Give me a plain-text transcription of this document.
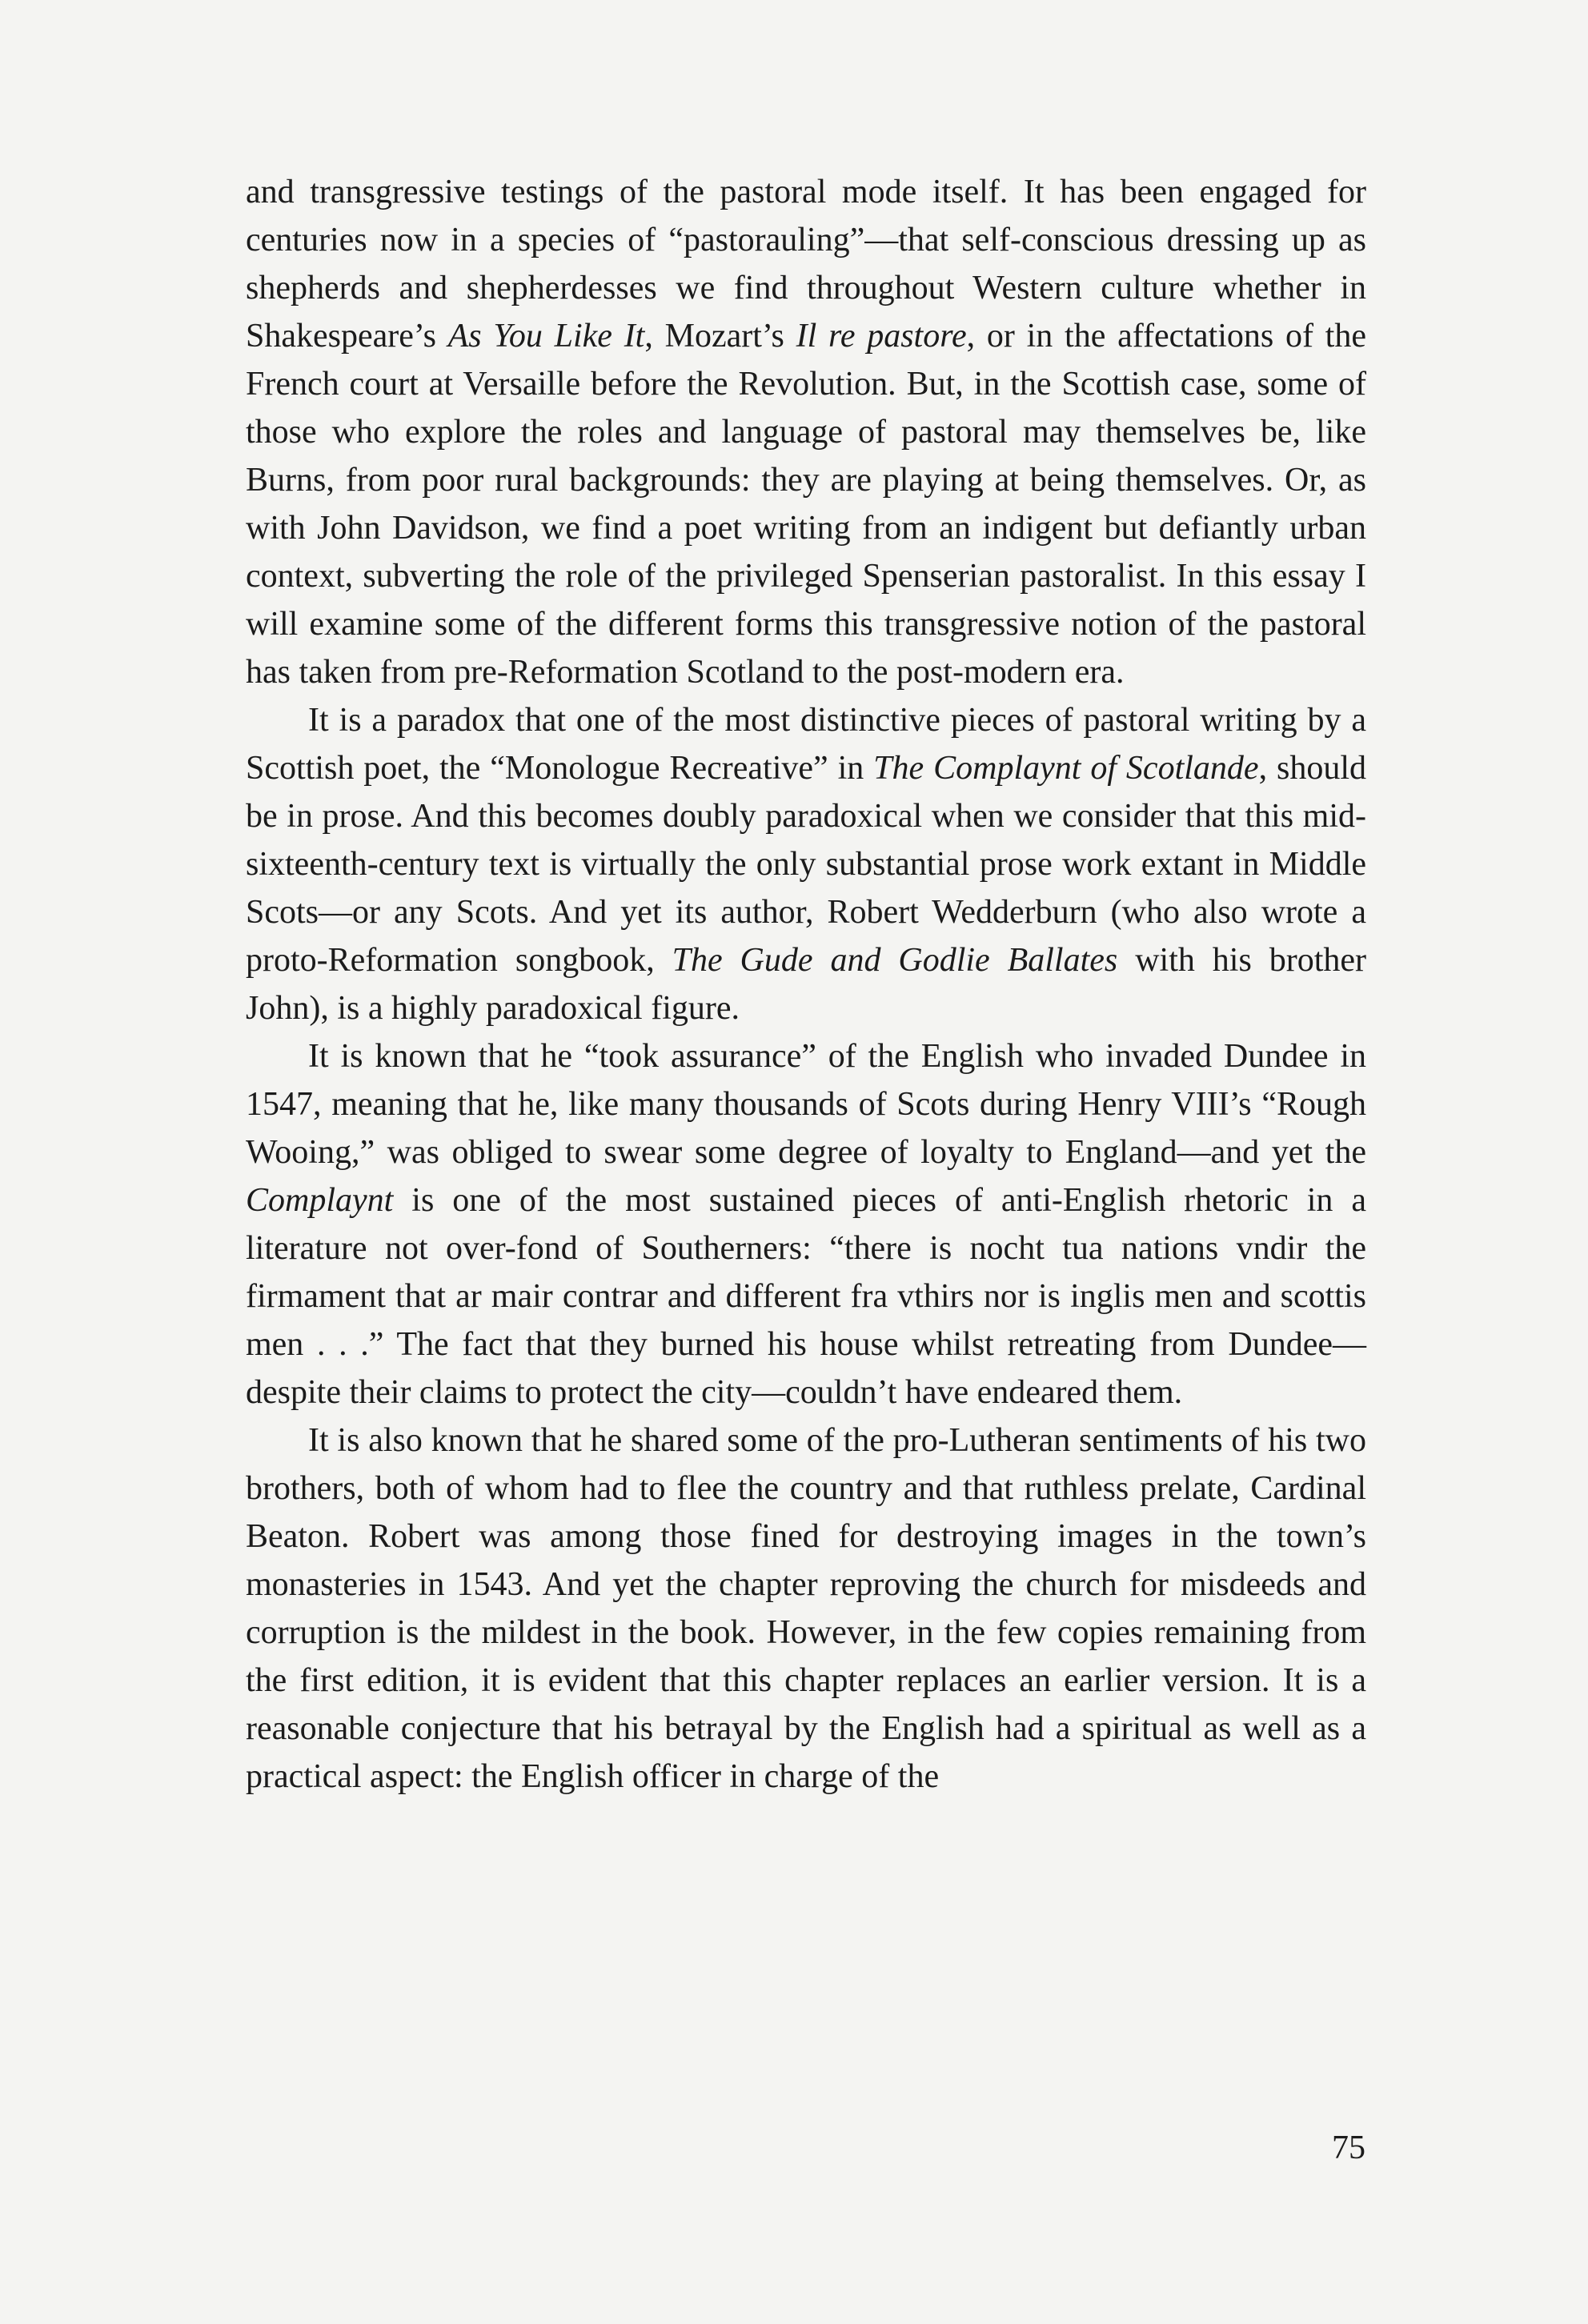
and transgressive testings of the pastoral mode itself. It has been engaged for centuries now in a species of “pastorauling”—that self-conscious dressing up as shepherds and shepherdesses we find throughout Western culture whether in Shakespeare’s As You Like It, Mozart’s Il re pastore, or in the affectations of the French court at Versaille before the Revolution. But, in the Scottish case, some of those who explore the roles and language of pastoral may themselves be, like Burns, from poor rural backgrounds: they are playing at being themselves. Or, as with John Davidson, we find a poet writing from an indigent but defiantly urban context, subverting the role of the privileged Spenserian pastoralist. In this essay I will examine some of the different forms this transgressive notion of the pastoral has taken from pre-Reformation Scotland to the post-modern era.

It is a paradox that one of the most distinctive pieces of pastoral writing by a Scottish poet, the “Monologue Recreative” in The Complaynt of Scotlande, should be in prose. And this becomes doubly paradoxical when we consider that this mid-sixteenth-century text is virtually the only substantial prose work extant in Middle Scots—or any Scots. And yet its author, Robert Wedderburn (who also wrote a proto-Reformation songbook, The Gude and Godlie Ballates with his brother John), is a highly paradoxical figure.

It is known that he “took assurance” of the English who invaded Dundee in 1547, meaning that he, like many thousands of Scots during Henry VIII’s “Rough Wooing,” was obliged to swear some degree of loyalty to England—and yet the Complaynt is one of the most sustained pieces of anti-English rhetoric in a literature not over-fond of Southerners: “there is nocht tua nations vndir the firmament that ar mair contrar and different fra vthirs nor is inglis men and scottis men . . .” The fact that they burned his house whilst retreating from Dundee—despite their claims to protect the city—couldn’t have endeared them.

It is also known that he shared some of the pro-Lutheran sentiments of his two brothers, both of whom had to flee the country and that ruthless prelate, Cardinal Beaton. Robert was among those fined for destroying images in the town’s monasteries in 1543. And yet the chapter reproving the church for misdeeds and corruption is the mildest in the book. However, in the few copies remaining from the first edition, it is evident that this chapter replaces an earlier version. It is a reasonable conjecture that his betrayal by the English had a spiritual as well as a practical aspect: the English officer in charge of the

75
